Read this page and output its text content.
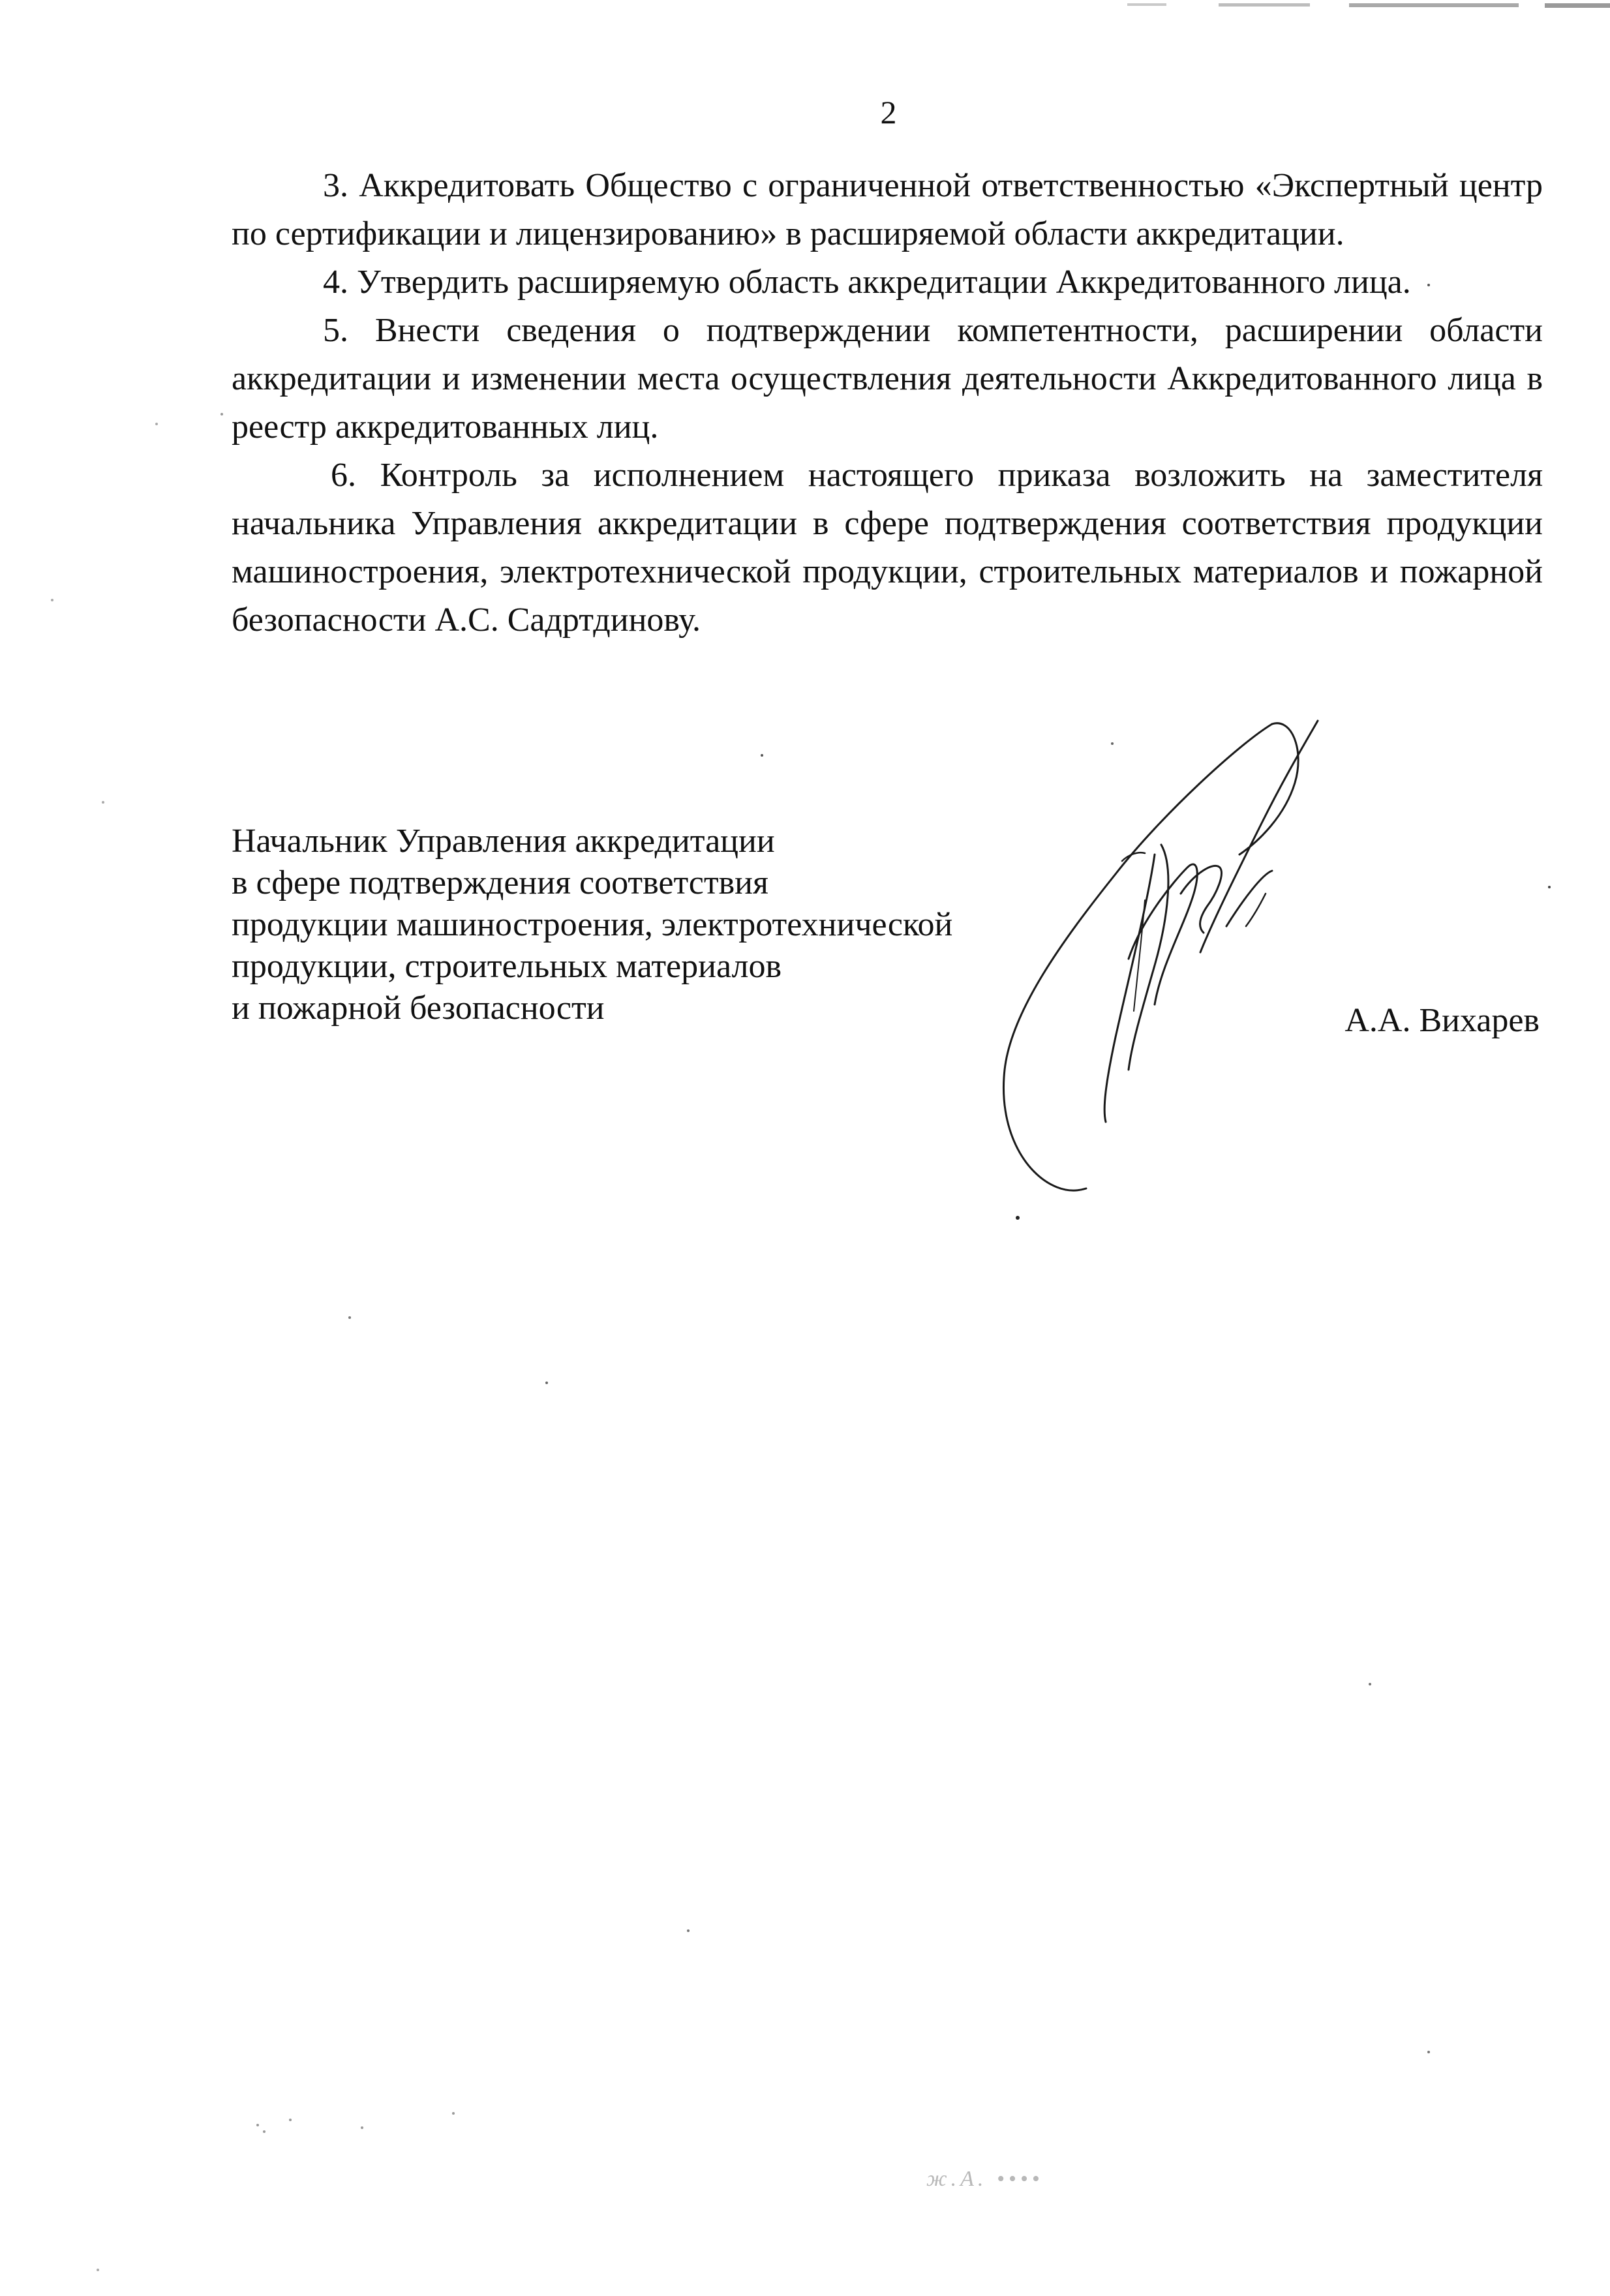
2

3. Аккредитовать Общество с ограниченной ответственностью «Экспертный центр по сертификации и лицензированию» в расширяемой области аккредитации.

4. Утвердить расширяемую область аккредитации Аккредитованного лица.

5. Внести сведения о подтверждении компетентности, расширении области аккредитации и изменении места осуществления деятельности Аккредитованного лица в реестр аккредитованных лиц.

6. Контроль за исполнением настоящего приказа возложить на заместителя начальника Управления аккредитации в сфере подтверждения соответствия продукции машиностроения, электротехнической продукции, строительных материалов и пожарной безопасности А.С. Садртдинову.

Начальник Управления аккредитации
в сфере подтверждения соответствия
продукции машиностроения, электротехнической
продукции, строительных материалов
и пожарной безопасности	А.А. Вихарев
ж.А. ••••
